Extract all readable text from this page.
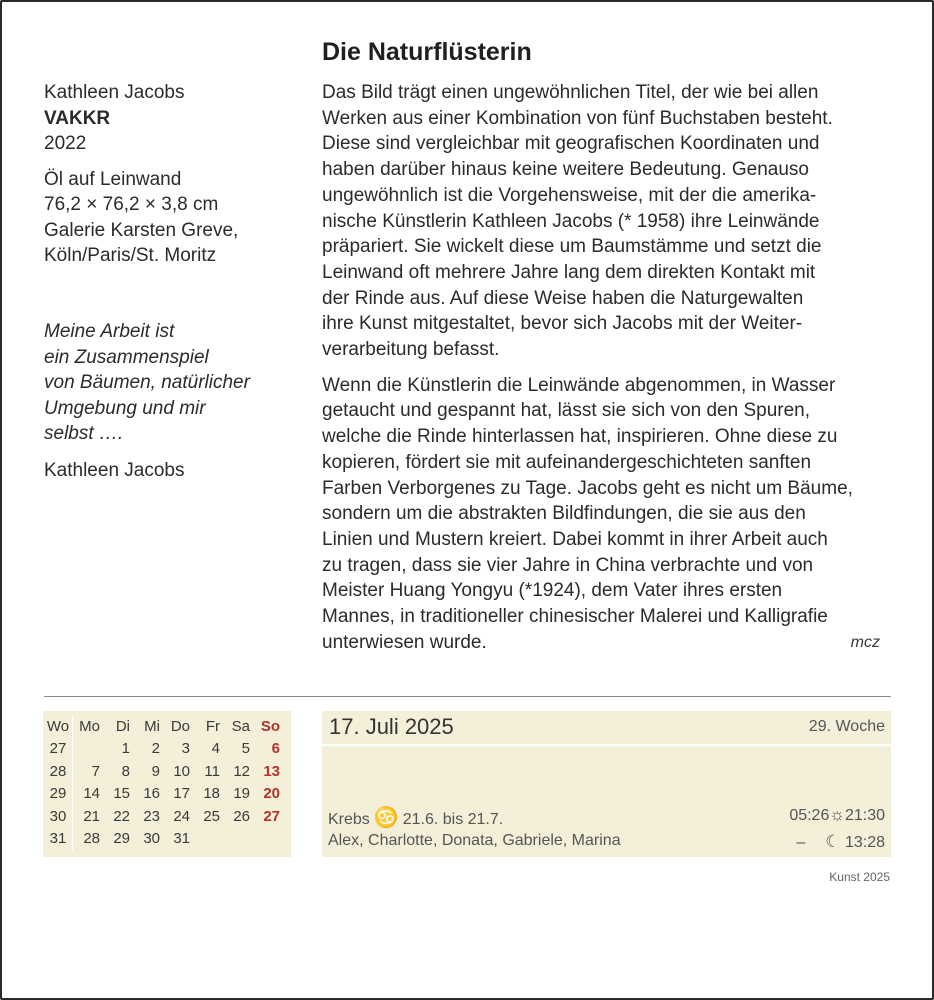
Kathleen Jacobs
VAKKR
2022
Öl auf Leinwand
76,2 × 76,2 × 3,8 cm
Galerie Karsten Greve,
Köln/Paris/St. Moritz
Meine Arbeit ist
ein Zusammenspiel
von Bäumen, natürlicher
Umgebung und mir
selbst ….
Kathleen Jacobs
Die Naturflüsterin
Das Bild trägt einen ungewöhnlichen Titel, der wie bei allen
Werken aus einer Kombination von fünf Buchstaben besteht.
Diese sind vergleichbar mit geografischen Koordinaten und
haben darüber hinaus keine weitere Bedeutung. Genauso
ungewöhnlich ist die Vorgehensweise, mit der die amerika-
nische Künstlerin Kathleen Jacobs (* 1958) ihre Leinwände
präpariert. Sie wickelt diese um Baumstämme und setzt die
Leinwand oft mehrere Jahre lang dem direkten Kontakt mit
der Rinde aus. Auf diese Weise haben die Naturgewalten
ihre Kunst mitgestaltet, bevor sich Jacobs mit der Weiter-
verarbeitung befasst.
Wenn die Künstlerin die Leinwände abgenommen, in Wasser
getaucht und gespannt hat, lässt sie sich von den Spuren,
welche die Rinde hinterlassen hat, inspirieren. Ohne diese zu
kopieren, fördert sie mit aufeinandergeschichteten sanften
Farben Verborgenes zu Tage. Jacobs geht es nicht um Bäume,
sondern um die abstrakten Bildfindungen, die sie aus den
Linien und Mustern kreiert. Dabei kommt in ihrer Arbeit auch
zu tragen, dass sie vier Jahre in China verbrachte und von
Meister Huang Yongyu (*1924), dem Vater ihres ersten
Mannes, in traditioneller chinesischer Malerei und Kalligrafie
unterwiesen wurde.	mcz
Wo		Mo	Di	Mi	Do	Fr	Sa	So
27			1	2	3	4	5	6
28		7	8	9	10	11	12	13
29		14	15	16	17	18	19	20
30		21	22	23	24	25	26	27
31		28	29	30	31			
17. Juli 2025	29. Woche
Krebs ♋ 21.6. bis 21.7.
Alex, Charlotte, Donata, Gabriele, Marina
05:26☼21:30
– ☾ 13:28
Kunst 2025
